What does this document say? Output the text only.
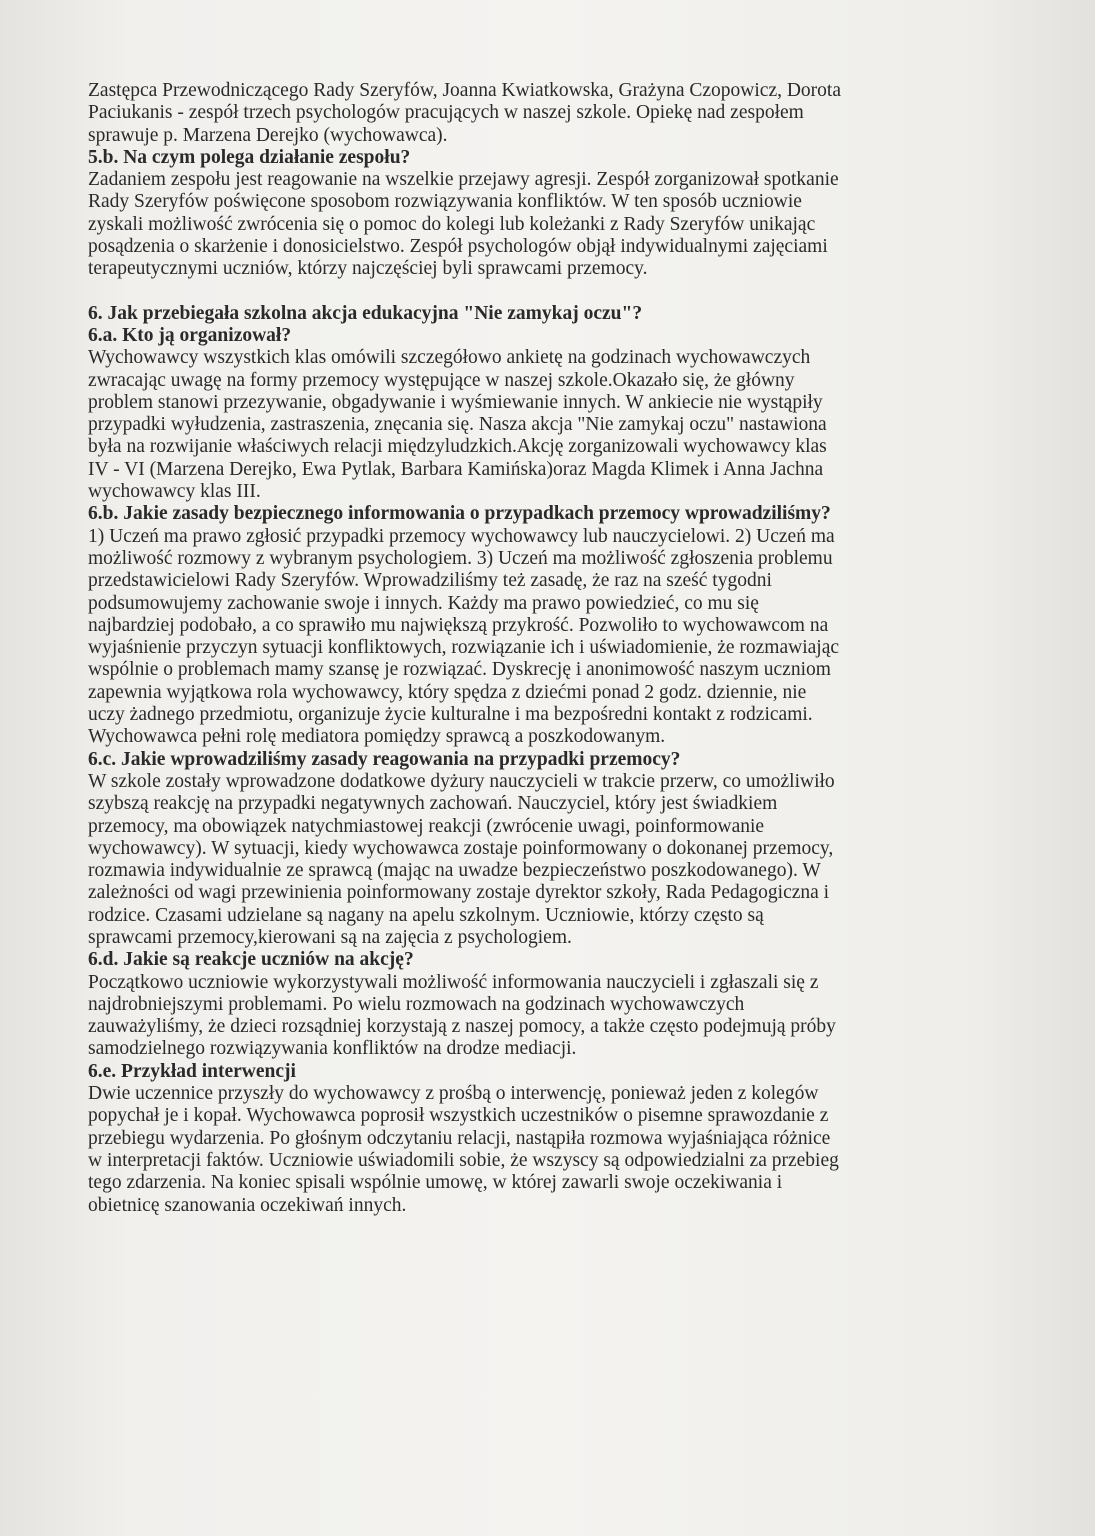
Zastępca Przewodniczącego Rady Szeryfów, Joanna Kwiatkowska, Grażyna Czopowicz, Dorota
Paciukanis - zespół trzech psychologów pracujących w naszej szkole. Opiekę nad zespołem
sprawuje p. Marzena Derejko (wychowawca).
5.b. Na czym polega działanie zespołu?
Zadaniem zespołu jest reagowanie na wszelkie przejawy agresji. Zespół zorganizował spotkanie
Rady Szeryfów poświęcone sposobom rozwiązywania konfliktów. W ten sposób uczniowie
zyskali możliwość zwrócenia się o pomoc do kolegi lub koleżanki z Rady Szeryfów unikając
posądzenia o skarżenie i donosicielstwo. Zespół psychologów objął indywidualnymi zajęciami
terapeutycznymi uczniów, którzy najczęściej byli sprawcami przemocy.
6. Jak przebiegała szkolna akcja edukacyjna "Nie zamykaj oczu"?
6.a. Kto ją organizował?
Wychowawcy wszystkich klas omówili szczegółowo ankietę na godzinach wychowawczych
zwracając uwagę na formy przemocy występujące w naszej szkole.Okazało się, że główny
problem stanowi przezywanie, obgadywanie i wyśmiewanie innych. W ankiecie nie wystąpiły
przypadki wyłudzenia, zastraszenia, znęcania się. Nasza akcja "Nie zamykaj oczu" nastawiona
była na rozwijanie właściwych relacji międzyludzkich.Akcję zorganizowali wychowawcy klas
IV - VI (Marzena Derejko, Ewa Pytlak, Barbara Kamińska)oraz Magda Klimek i Anna Jachna
wychowawcy klas III.
6.b. Jakie zasady bezpiecznego informowania o przypadkach przemocy wprowadziliśmy?
1) Uczeń ma prawo zgłosić przypadki przemocy wychowawcy lub nauczycielowi. 2) Uczeń ma
możliwość rozmowy z wybranym psychologiem. 3) Uczeń ma możliwość zgłoszenia problemu
przedstawicielowi Rady Szeryfów. Wprowadziliśmy też zasadę, że raz na sześć tygodni
podsumowujemy zachowanie swoje i innych. Każdy ma prawo powiedzieć, co mu się
najbardziej podobało, a co sprawiło mu największą przykrość. Pozwoliło to wychowawcom na
wyjaśnienie przyczyn sytuacji konfliktowych, rozwiązanie ich i uświadomienie, że rozmawiając
wspólnie o problemach mamy szansę je rozwiązać. Dyskrecję i anonimowość naszym uczniom
zapewnia wyjątkowa rola wychowawcy, który spędza z dziećmi ponad 2 godz. dziennie, nie
uczy żadnego przedmiotu, organizuje życie kulturalne i ma bezpośredni kontakt z rodzicami.
Wychowawca pełni rolę mediatora pomiędzy sprawcą a poszkodowanym.
6.c. Jakie wprowadziliśmy zasady reagowania na przypadki przemocy?
W szkole zostały wprowadzone dodatkowe dyżury nauczycieli w trakcie przerw, co umożliwiło
szybszą reakcję na przypadki negatywnych zachowań. Nauczyciel, który jest świadkiem
przemocy, ma obowiązek natychmiastowej reakcji (zwrócenie uwagi, poinformowanie
wychowawcy). W sytuacji, kiedy wychowawca zostaje poinformowany o dokonanej przemocy,
rozmawia indywidualnie ze sprawcą (mając na uwadze bezpieczeństwo poszkodowanego). W
zależności od wagi przewinienia poinformowany zostaje dyrektor szkoły, Rada Pedagogiczna i
rodzice. Czasami udzielane są nagany na apelu szkolnym. Uczniowie, którzy często są
sprawcami przemocy,kierowani są na zajęcia z psychologiem.
6.d. Jakie są reakcje uczniów na akcję?
Początkowo uczniowie wykorzystywali możliwość informowania nauczycieli i zgłaszali się z
najdrobniejszymi problemami. Po wielu rozmowach na godzinach wychowawczych
zauważyliśmy, że dzieci rozsądniej korzystają z naszej pomocy, a także często podejmują próby
samodzielnego rozwiązywania konfliktów na drodze mediacji.
6.e. Przykład interwencji
Dwie uczennice przyszły do wychowawcy z prośbą o interwencję, ponieważ jeden z kolegów
popychał je i kopał. Wychowawca poprosił wszystkich uczestników o pisemne sprawozdanie z
przebiegu wydarzenia. Po głośnym odczytaniu relacji, nastąpiła rozmowa wyjaśniająca różnice
w interpretacji faktów. Uczniowie uświadomili sobie, że wszyscy są odpowiedzialni za przebieg
tego zdarzenia. Na koniec spisali wspólnie umowę, w której zawarli swoje oczekiwania i
obietnicę szanowania oczekiwań innych.
